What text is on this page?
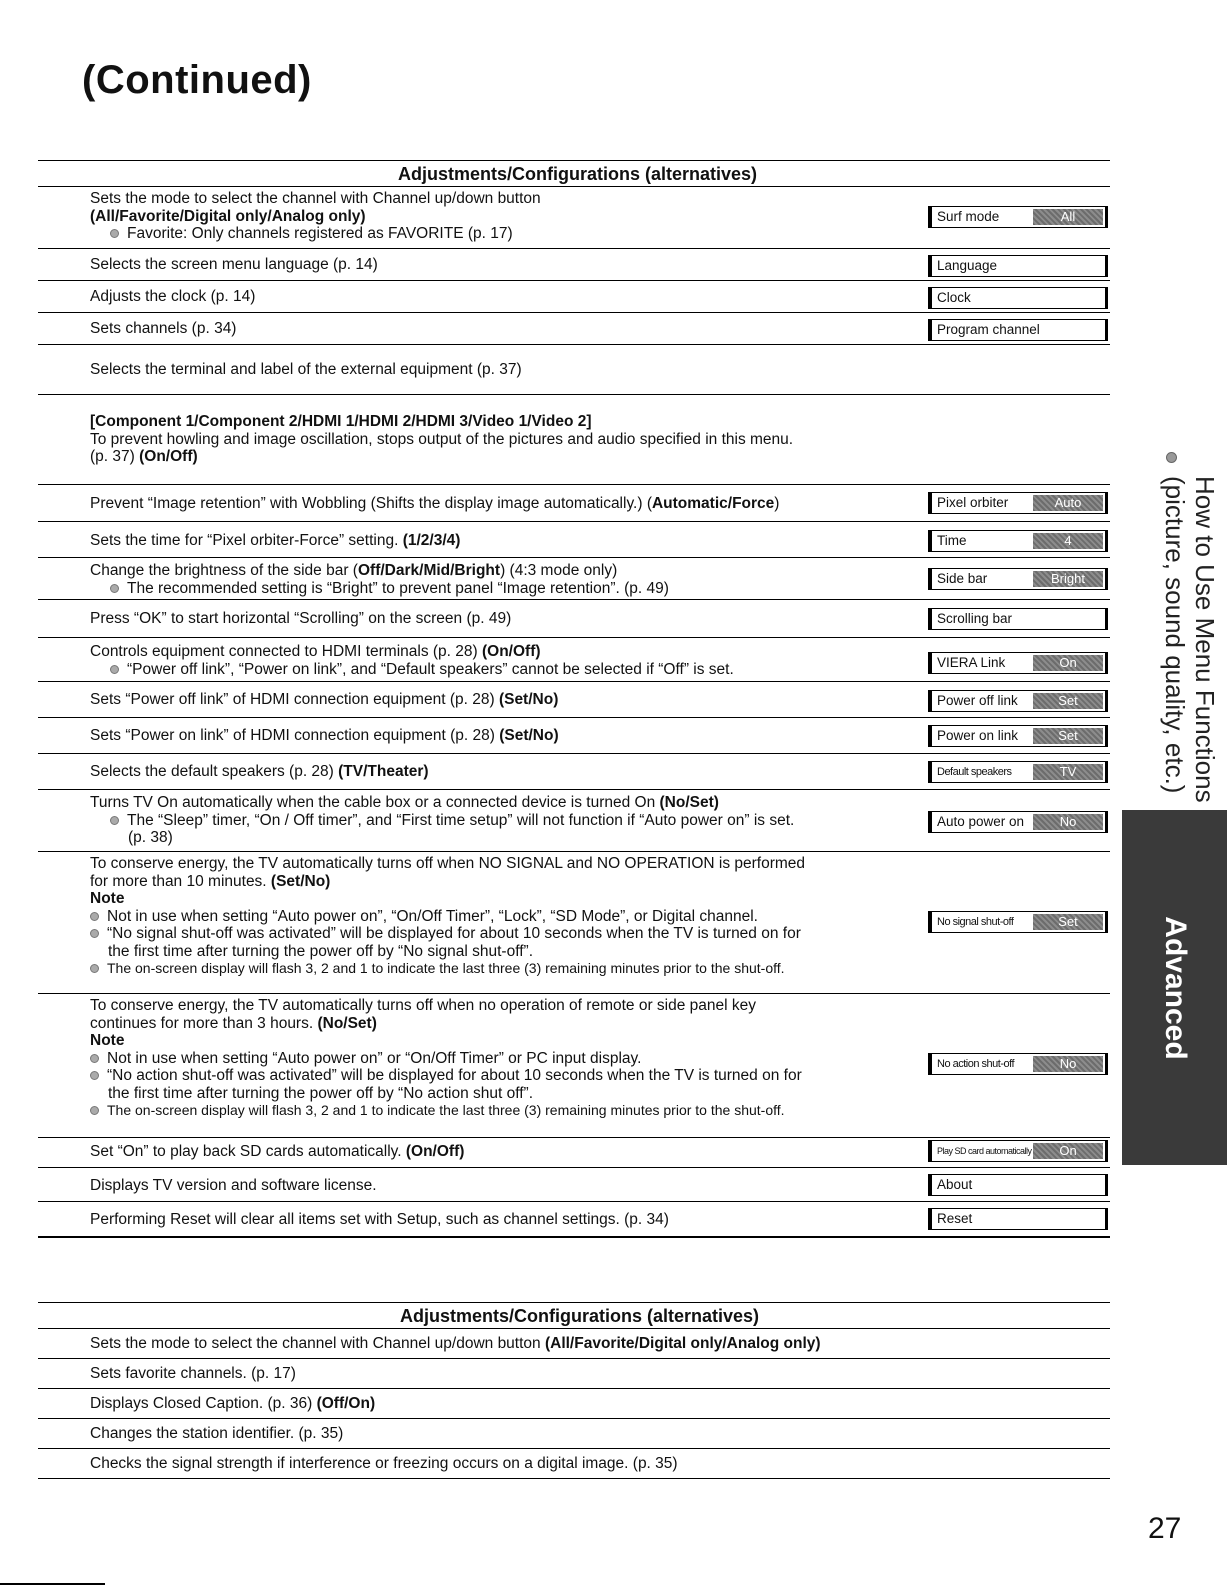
(Continued)
Adjustments/Configurations (alternatives)
Sets the mode to select the channel with Channel up/down button
(All/Favorite/Digital only/Analog only)
Favorite: Only channels registered as FAVORITE (p. 17)
Surf mode	All
Selects the screen menu language (p. 14)	Language
Adjusts the clock (p. 14)	Clock
Sets channels (p. 34)	Program channel
Selects the terminal and label of the external equipment (p. 37)
[Component 1/Component 2/HDMI 1/HDMI 2/HDMI 3/Video 1/Video 2]
To prevent howling and image oscillation, stops output of the pictures and audio specified in this menu.
(p. 37) (On/Off)
Prevent “Image retention” with Wobbling (Shifts the display image automatically.) (Automatic/Force)	Pixel orbiter	Auto
Sets the time for “Pixel orbiter-Force” setting. (1/2/3/4)	Time	4
Change the brightness of the side bar (Off/Dark/Mid/Bright) (4:3 mode only)
The recommended setting is “Bright” to prevent panel “Image retention”. (p. 49)
Side bar	Bright
Press “OK” to start horizontal “Scrolling” on the screen (p. 49)	Scrolling bar
Controls equipment connected to HDMI terminals (p. 28) (On/Off)
“Power off link”, “Power on link”, and “Default speakers” cannot be selected if “Off” is set.	VIERA Link	On
Sets “Power off link” of HDMI connection equipment (p. 28) (Set/No)	Power off link	Set
Sets “Power on link” of HDMI connection equipment (p. 28) (Set/No)	Power on link	Set
Selects the default speakers (p. 28) (TV/Theater)	Default speakers	TV
Turns TV On automatically when the cable box or a connected device is turned On (No/Set)
The “Sleep” timer, “On / Off timer”, and “First time setup” will not function if “Auto power on” is set.
(p. 38)
Auto power on	No
To conserve energy, the TV automatically turns off when NO SIGNAL and NO OPERATION is performed
for more than 10 minutes. (Set/No)
Note
Not in use when setting “Auto power on”, “On/Off Timer”, “Lock”, “SD Mode”, or Digital channel.
“No signal shut-off was activated” will be displayed for about 10 seconds when the TV is turned on for
the first time after turning the power off by “No signal shut-off”.
The on-screen display will flash 3, 2 and 1 to indicate the last three (3) remaining minutes prior to the shut-off.
No signal shut-off	Set
To conserve energy, the TV automatically turns off when no operation of remote or side panel key
continues for more than 3 hours. (No/Set)
Note
Not in use when setting “Auto power on” or “On/Off Timer” or PC input display.
“No action shut-off was activated” will be displayed for about 10 seconds when the TV is turned on for
the first time after turning the power off by “No action shut off”.
The on-screen display will flash 3, 2 and 1 to indicate the last three (3) remaining minutes prior to the shut-off.
No action shut-off	No
Set “On” to play back SD cards automatically. (On/Off)	Play SD card automatically	On
Displays TV version and software license.	About
Performing Reset will clear all items set with Setup, such as channel settings. (p. 34)	Reset
Adjustments/Configurations (alternatives)
Sets the mode to select the channel with Channel up/down button (All/Favorite/Digital only/Analog only)
Sets favorite channels. (p. 17)
Displays Closed Caption. (p. 36) (Off/On)
Changes the station identifier. (p. 35)
Checks the signal strength if interference or freezing occurs on a digital image. (p. 35)
How to Use Menu Functions
(picture, sound quality, etc.)
Advanced
27
